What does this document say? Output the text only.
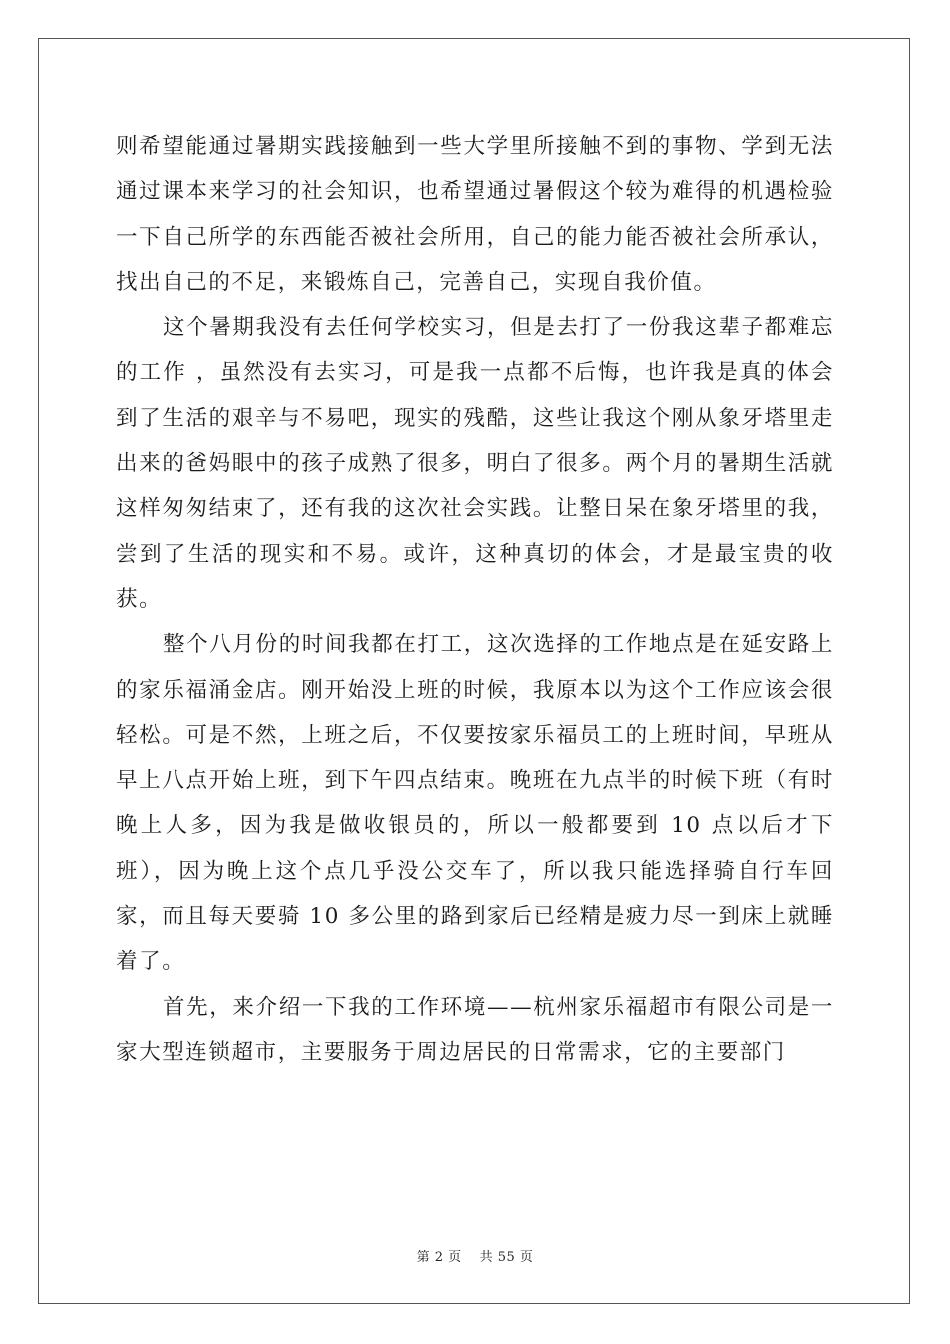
则希望能通过暑期实践接触到一些大学里所接触不到的事物、学到无法通过课本来学习的社会知识，也希望通过暑假这个较为难得的机遇检验一下自己所学的东西能否被社会所用，自己的能力能否被社会所承认，找出自己的不足，来锻炼自己，完善自己，实现自我价值。

这个暑期我没有去任何学校实习，但是去打了一份我这辈子都难忘的工作 ，虽然没有去实习，可是我一点都不后悔，也许我是真的体会到了生活的艰辛与不易吧，现实的残酷，这些让我这个刚从象牙塔里走出来的爸妈眼中的孩子成熟了很多，明白了很多。两个月的暑期生活就这样匆匆结束了，还有我的这次社会实践。让整日呆在象牙塔里的我，尝到了生活的现实和不易。或许，这种真切的体会，才是最宝贵的收获。

整个八月份的时间我都在打工，这次选择的工作地点是在延安路上的家乐福涌金店。刚开始没上班的时候，我原本以为这个工作应该会很轻松。可是不然，上班之后，不仅要按家乐福员工的上班时间，早班从早上八点开始上班，到下午四点结束。晚班在九点半的时候下班（有时晚上人多，因为我是做收银员的，所以一般都要到 10 点以后才下班），因为晚上这个点几乎没公交车了，所以我只能选择骑自行车回家，而且每天要骑 10 多公里的路到家后已经精是疲力尽一到床上就睡着了。

首先，来介绍一下我的工作环境——杭州家乐福超市有限公司是一家大型连锁超市，主要服务于周边居民的日常需求，它的主要部门

第 2 页 共 55 页
